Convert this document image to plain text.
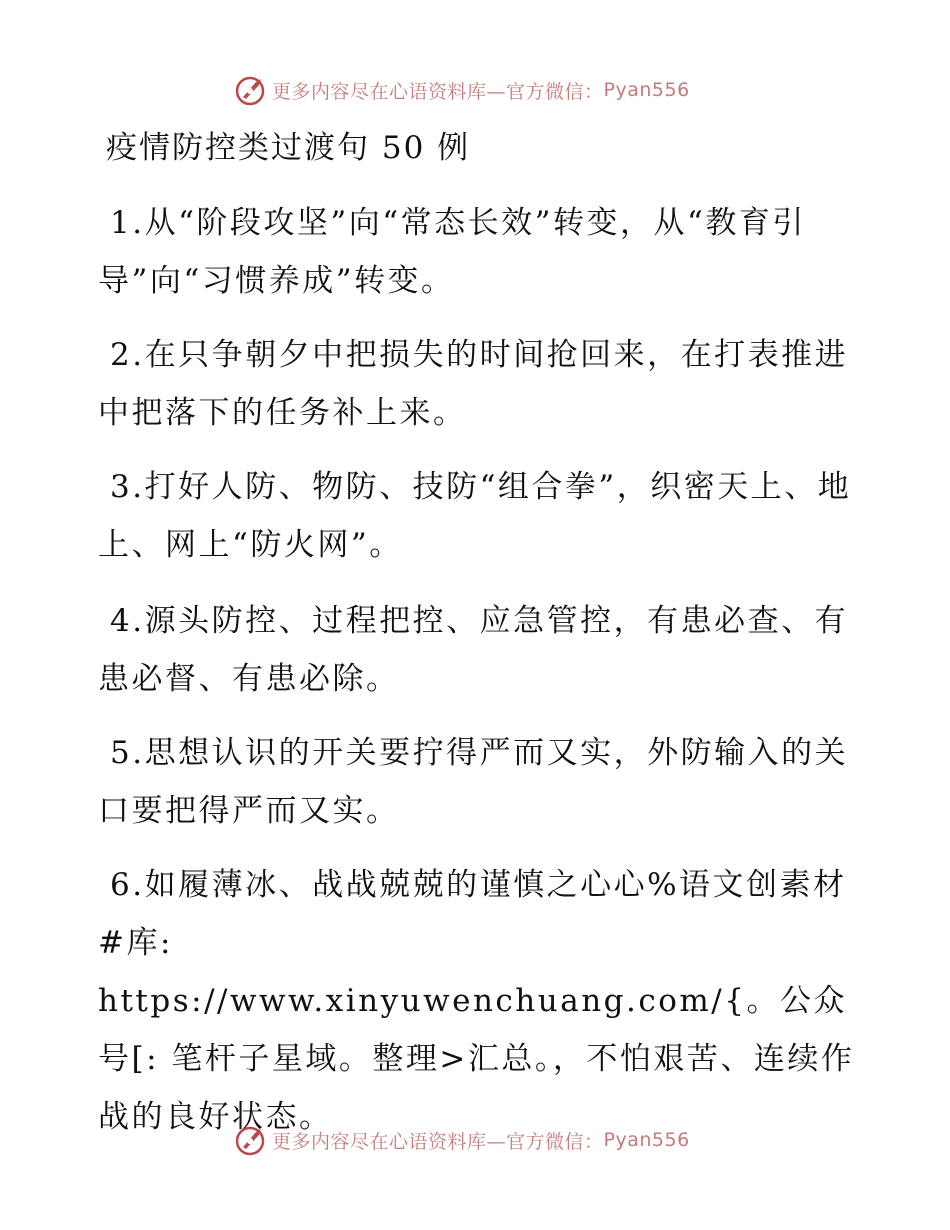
更多内容尽在心语资料库—官方微信： Pyan556
疫情防控类过渡句 50 例
1.从“阶段攻坚”向“常态长效”转变，从“教育引导”向“习惯养成”转变。
2.在只争朝夕中把损失的时间抢回来，在打表推进中把落下的任务补上来。
3.打好人防、物防、技防“组合拳”，织密天上、地上、网上“防火网”。
4.源头防控、过程把控、应急管控，有患必查、有患必督、有患必除。
5.思想认识的开关要拧得严而又实，外防输入的关口要把得严而又实。
6.如履薄冰、战战兢兢的谨慎之心心%语文创素材#库: https://www.xinyuwenchuang.com/{。公众号[: 笔杆子星域。整理>汇总。，不怕艰苦、连续作战的良好状态。
更多内容尽在心语资料库—官方微信： Pyan556
